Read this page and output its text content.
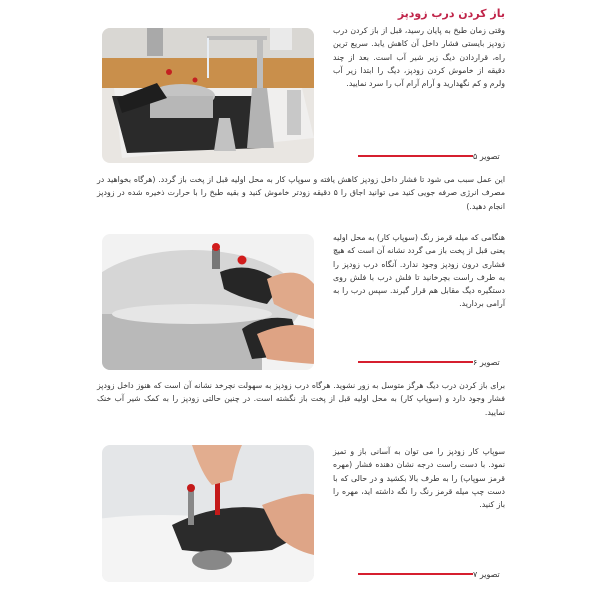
باز کردن درب زودپز
وقتی زمان طبخ به پایان رسید، قبل از باز کردن درب زودپز بایستی فشار داخل آن کاهش یابد. سریع ترین راه، قراردادن دیگ زیر شیر آب است. بعد از چند دقیقه از خاموش کردن زودپز، دیگ را ابتدا زیر آب ولرم و کم نگهدارید و آرام آرام آب را سرد نمایید.
تصویر ۵
این عمل سبب می شود تا فشار داخل زودپز کاهش یافته و سوپاپ کار به محل اولیه قبل از پخت باز گردد. (هرگاه بخواهید در مصرف انرژی صرفه جویی کنید می توانید اجاق را ۵ دقیقه زودتر خاموش کنید و بقیه طبخ را با حرارت ذخیره شده در زودپز انجام دهید.)
هنگامی که میله قرمز رنگ (سوپاپ کار) به محل اولیه یعنی قبل از پخت باز می گردد نشانه آن است که هیچ فشاری درون زودپز وجود ندارد. آنگاه درب زودپز را به طرف راست بچرخانید تا فلش درب با فلش روی دستگیره دیگ مقابل هم قرار گیرند. سپس درب را به آرامی بردارید.
تصویر ۶
برای باز کردن درب دیگ هرگز متوسل به زور نشوید. هرگاه درب زودپز به سهولت نچرخد نشانه آن است که هنوز داخل زودپز فشار وجود دارد و (سوپاپ کار) به محل اولیه قبل از پخت باز نگشته است. در چنین حالتی زودپز را به کمک شیر آب خنک نمایید.
سوپاپ کار زودپز را می توان به آسانی باز و تمیز نمود. با دست راست درجه نشان دهنده فشار (مهره قرمز سوپاپ) را به طرف بالا بکشید و در حالی که با دست چپ میله قرمز رنگ را نگه داشته اید، مهره را باز کنید.
تصویر ۷
